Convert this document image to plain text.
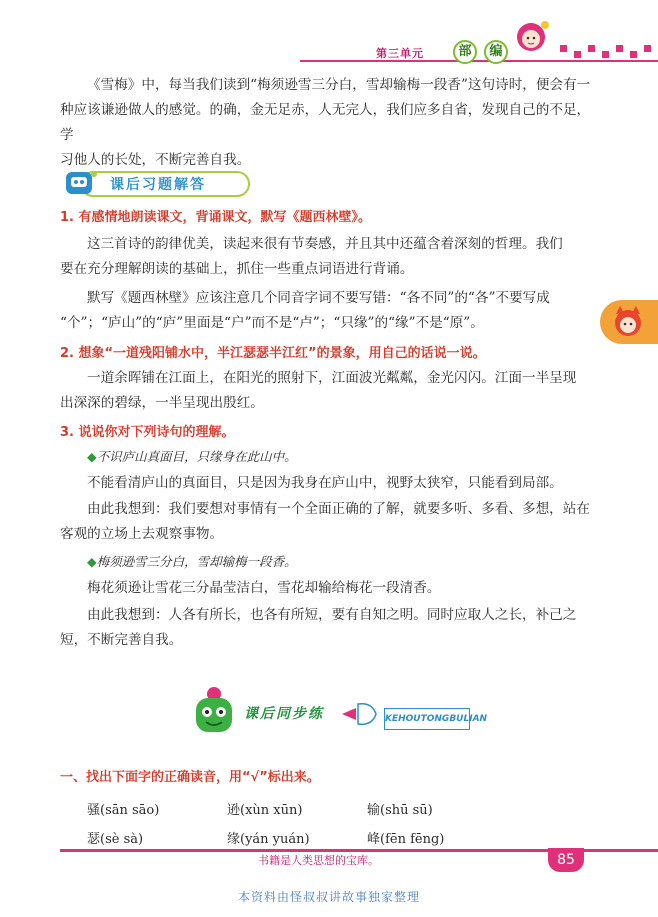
第三单元	部	编
《雪梅》中，每当我们读到“梅须逊雪三分白，雪却输梅一段香”这句诗时，便会有一
种应该谦逊做人的感觉。的确，金无足赤，人无完人，我们应多自省，发现自己的不足，学
习他人的长处，不断完善自我。
课后习题解答
1. 有感情地朗读课文，背诵课文，默写《题西林壁》。
这三首诗的韵律优美，读起来很有节奏感，并且其中还蕴含着深刻的哲理。我们
要在充分理解朗读的基础上，抓住一些重点词语进行背诵。
默写《题西林壁》应该注意几个同音字词不要写错：“各不同”的“各”不要写成
“个”；“庐山”的“庐”里面是“户”而不是“卢”；“只缘”的“缘”不是“原”。
2. 想象“一道残阳铺水中，半江瑟瑟半江红”的景象，用自己的话说一说。
一道余晖铺在江面上，在阳光的照射下，江面波光粼粼，金光闪闪。江面一半呈现
出深深的碧绿，一半呈现出殷红。
3. 说说你对下列诗句的理解。
◆不识庐山真面目，只缘身在此山中。
不能看清庐山的真面目，只是因为我身在庐山中，视野太狭窄，只能看到局部。
由此我想到：我们要想对事情有一个全面正确的了解，就要多听、多看、多想，站在
客观的立场上去观察事物。
◆梅须逊雪三分白，雪却输梅一段香。
梅花须逊让雪花三分晶莹洁白，雪花却输给梅花一段清香。
由此我想到：人各有所长，也各有所短，要有自知之明。同时应取人之长，补己之
短，不断完善自我。
课后同步练	KEHOUTONGBULIAN
一、找出下面字的正确读音，用“√”标出来。
骚(sān sāo)	逊(xùn xūn)	输(shū sū)
瑟(sè sà)	缘(yán yuán)	峰(fēn fēng)
书籍是人类思想的宝库。	85
本资料由怪叔叔讲故事独家整理
